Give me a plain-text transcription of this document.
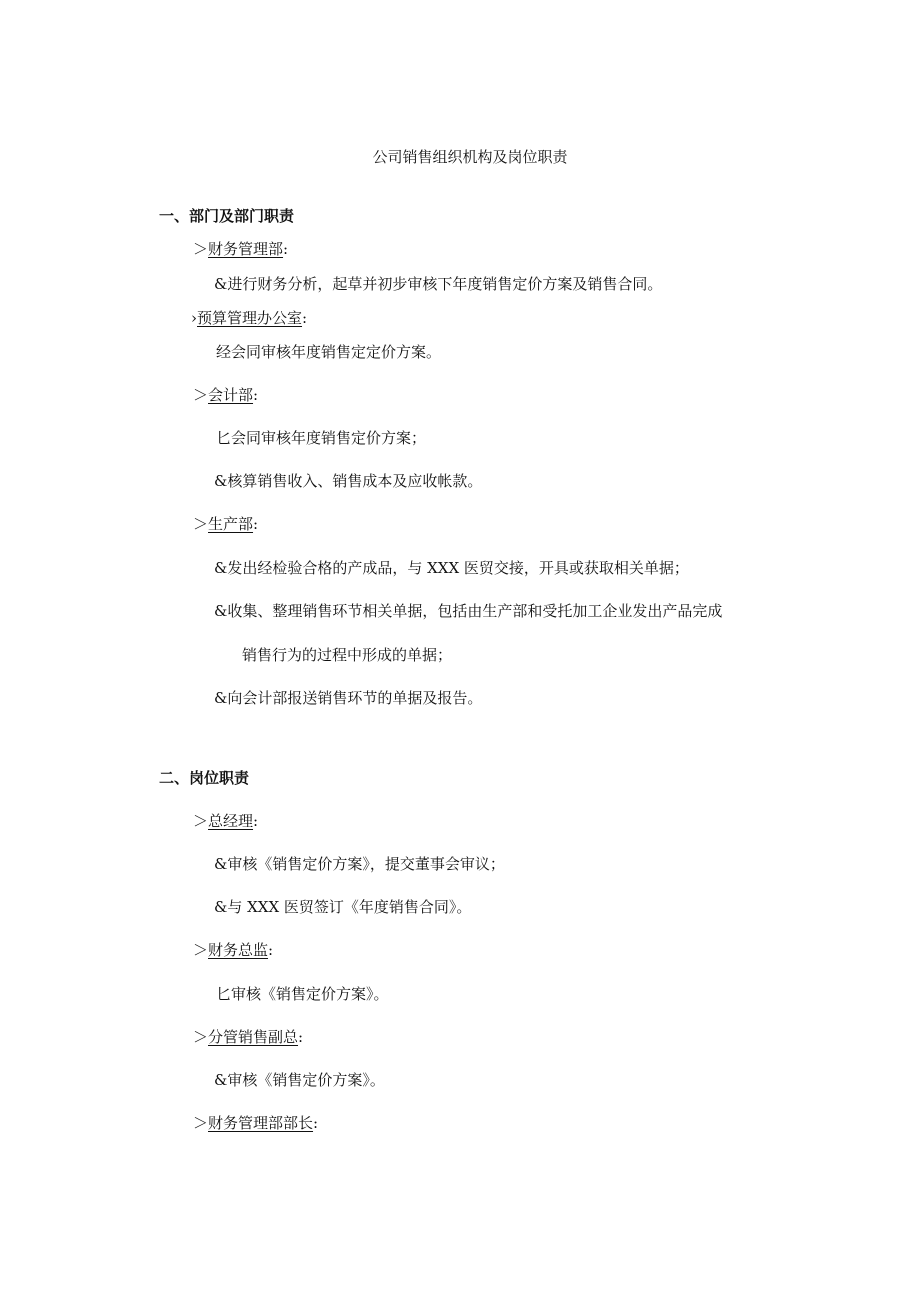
公司销售组织机构及岗位职责
一、部门及部门职责
＞财务管理部:
&进行财务分析，起草并初步审核下年度销售定价方案及销售合同。
›预算管理办公室:
经会同审核年度销售定定价方案。
＞会计部:
匕会同审核年度销售定价方案；
&核算销售收入、销售成本及应收帐款。
＞生产部:
&发出经检验合格的产成品，与 XXX 医贸交接，开具或获取相关单据；
&收集、整理销售环节相关单据，包括由生产部和受托加工企业发出产品完成
销售行为的过程中形成的单据；
&向会计部报送销售环节的单据及报告。
二、岗位职责
＞总经理:
&审核《销售定价方案》，提交董事会审议；
&与 XXX 医贸签订《年度销售合同》。
＞财务总监:
匕审核《销售定价方案》。
＞分管销售副总:
&审核《销售定价方案》。
＞财务管理部部长:
